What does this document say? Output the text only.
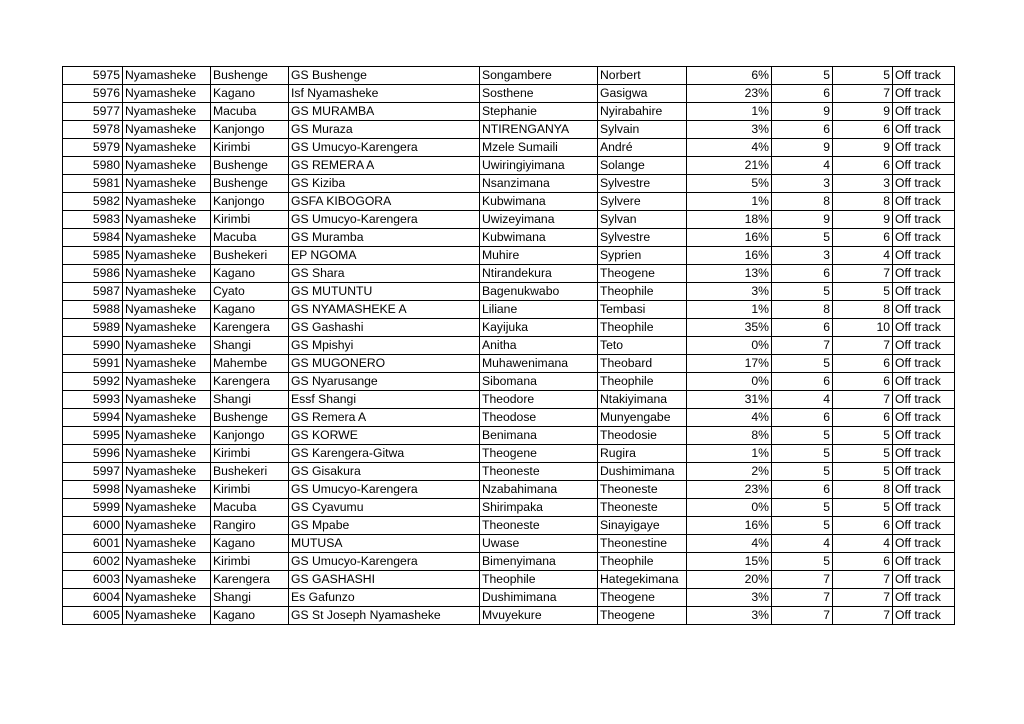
5975	Nyamasheke	Bushenge	GS Bushenge	Songambere	Norbert	6%	5	5	Off track
5976	Nyamasheke	Kagano	Isf Nyamasheke	Sosthene	Gasigwa	23%	6	7	Off track
5977	Nyamasheke	Macuba	GS MURAMBA	Stephanie	Nyirabahire	1%	9	9	Off track
5978	Nyamasheke	Kanjongo	GS Muraza	NTIRENGANYA	Sylvain	3%	6	6	Off track
5979	Nyamasheke	Kirimbi	GS Umucyo-Karengera	Mzele Sumaili	André	4%	9	9	Off track
5980	Nyamasheke	Bushenge	GS REMERA A	Uwiringiyimana	Solange	21%	4	6	Off track
5981	Nyamasheke	Bushenge	GS Kiziba	Nsanzimana	Sylvestre	5%	3	3	Off track
5982	Nyamasheke	Kanjongo	GSFA KIBOGORA	Kubwimana	Sylvere	1%	8	8	Off track
5983	Nyamasheke	Kirimbi	GS Umucyo-Karengera	Uwizeyimana	Sylvan	18%	9	9	Off track
5984	Nyamasheke	Macuba	GS Muramba	Kubwimana	Sylvestre	16%	5	6	Off track
5985	Nyamasheke	Bushekeri	EP NGOMA	Muhire	Syprien	16%	3	4	Off track
5986	Nyamasheke	Kagano	GS Shara	Ntirandekura	Theogene	13%	6	7	Off track
5987	Nyamasheke	Cyato	GS MUTUNTU	Bagenukwabo	Theophile	3%	5	5	Off track
5988	Nyamasheke	Kagano	GS NYAMASHEKE A	Liliane	Tembasi	1%	8	8	Off track
5989	Nyamasheke	Karengera	GS Gashashi	Kayijuka	Theophile	35%	6	10	Off track
5990	Nyamasheke	Shangi	GS Mpishyi	Anitha	Teto	0%	7	7	Off track
5991	Nyamasheke	Mahembe	GS MUGONERO	Muhawenimana	Theobard	17%	5	6	Off track
5992	Nyamasheke	Karengera	GS Nyarusange	Sibomana	Theophile	0%	6	6	Off track
5993	Nyamasheke	Shangi	Essf Shangi	Theodore	Ntakiyimana	31%	4	7	Off track
5994	Nyamasheke	Bushenge	GS Remera A	Theodose	Munyengabe	4%	6	6	Off track
5995	Nyamasheke	Kanjongo	GS KORWE	Benimana	Theodosie	8%	5	5	Off track
5996	Nyamasheke	Kirimbi	GS Karengera-Gitwa	Theogene	Rugira	1%	5	5	Off track
5997	Nyamasheke	Bushekeri	GS Gisakura	Theoneste	Dushimimana	2%	5	5	Off track
5998	Nyamasheke	Kirimbi	GS Umucyo-Karengera	Nzabahimana	Theoneste	23%	6	8	Off track
5999	Nyamasheke	Macuba	GS Cyavumu	Shirimpaka	Theoneste	0%	5	5	Off track
6000	Nyamasheke	Rangiro	GS Mpabe	Theoneste	Sinayigaye	16%	5	6	Off track
6001	Nyamasheke	Kagano	MUTUSA	Uwase	Theonestine	4%	4	4	Off track
6002	Nyamasheke	Kirimbi	GS Umucyo-Karengera	Bimenyimana	Theophile	15%	5	6	Off track
6003	Nyamasheke	Karengera	GS GASHASHI	Theophile	Hategekimana	20%	7	7	Off track
6004	Nyamasheke	Shangi	Es Gafunzo	Dushimimana	Theogene	3%	7	7	Off track
6005	Nyamasheke	Kagano	GS St Joseph Nyamasheke	Mvuyekure	Theogene	3%	7	7	Off track
